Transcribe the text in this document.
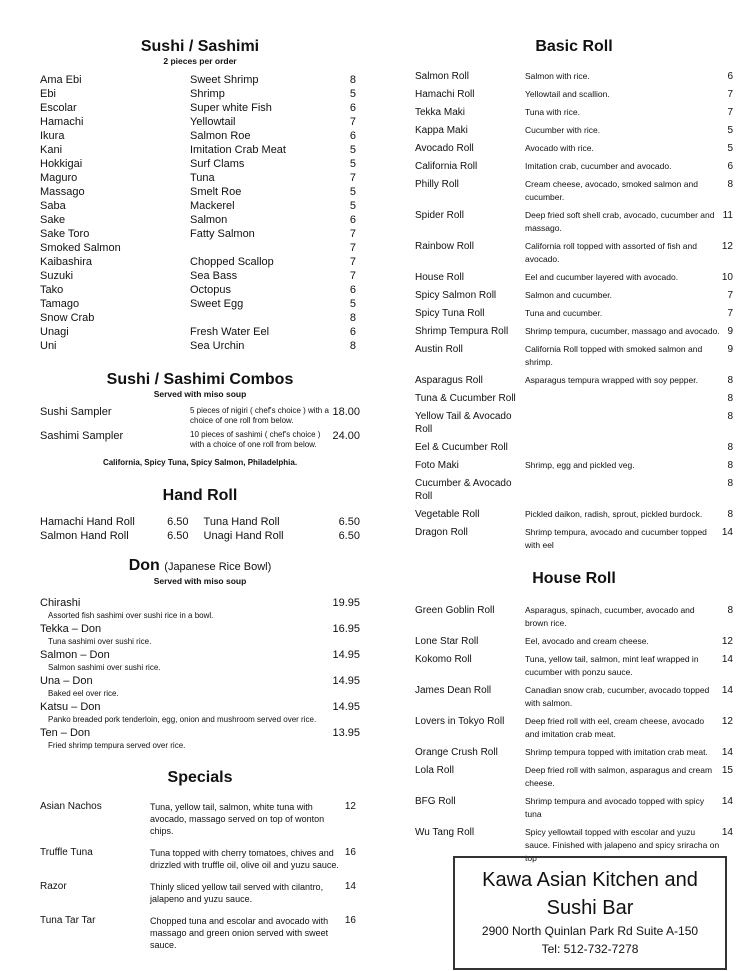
Sushi / Sashimi

2 pieces per order

Ama Ebi	Sweet Shrimp	8
Ebi	Shrimp	5
Escolar	Super white Fish	6
Hamachi	Yellowtail	7
Ikura	Salmon Roe	6
Kani	Imitation Crab Meat	5
Hokkigai	Surf Clams	5
Maguro	Tuna	7
Massago	Smelt Roe	5
Saba	Mackerel	5
Sake	Salmon	6
Sake Toro	Fatty Salmon	7
Smoked Salmon	7
Kaibashira	Chopped Scallop	7
Suzuki	Sea Bass	7
Tako	Octopus	6
Tamago	Sweet Egg	5
Snow Crab	8
Unagi	Fresh Water Eel	6
Uni	Sea Urchin	8

Sushi / Sashimi Combos

Served with miso soup

Sushi Sampler	5 pieces of nigiri ( chef's choice ) with a choice of one roll from below.
18.00
Sashimi Sampler	10 pieces of sashimi ( chef's choice ) with a choice of one roll from below.
24.00

California, Spicy Tuna, Spicy Salmon, Philadelphia.

Hand Roll

Hamachi Hand Roll	6.50	Tuna Hand Roll	6.50
Salmon Hand Roll	6.50	Unagi Hand Roll	6.50

Don (Japanese Rice Bowl)

Served with miso soup

Chirashi	19.95
Assorted fish sashimi over sushi rice in a bowl.
Tekka – Don	16.95
Tuna sashimi over sushi rice.
Salmon – Don	14.95
Salmon sashimi over sushi rice.
Una – Don	14.95
Baked eel over rice.
Katsu – Don	14.95
Panko breaded pork tenderloin, egg, onion and mushroom served over rice.
Ten – Don	13.95
Fried shrimp tempura served over rice.

Specials

Asian Nachos	Tuna, yellow tail, salmon, white tuna with avocado, massago served on top of wonton chips.
12
Truffle Tuna	Tuna topped with cherry tomatoes, chives and drizzled with truffle oil, olive oil and yuzu sauce.
16
Razor	Thinly sliced yellow tail served with cilantro, jalapeno and yuzu sauce.
14
Tuna Tar Tar	Chopped tuna and escolar and avocado with massago and green onion served with sweet sauce.
16

Basic Roll

Salmon Roll	Salmon with rice.	6
Hamachi Roll	Yellowtail and scallion.	7
Tekka Maki	Tuna with rice.	7
Kappa Maki	Cucumber with rice.	5
Avocado Roll	Avocado with rice.	5
California Roll	Imitation crab, cucumber and avocado.	6
Philly Roll	Cream cheese, avocado, smoked salmon and cucumber.
8
Spider Roll	Deep fried soft shell crab, avocado, cucumber and massago.
11
Rainbow Roll	California roll topped with assorted of fish and avocado.
12
House Roll	Eel and cucumber layered with avocado.	10
Spicy Salmon Roll	Salmon and cucumber.	7
Spicy Tuna Roll	Tuna and cucumber.	7
Shrimp Tempura Roll	Shrimp tempura, cucumber, massago and avocado. 9
Austin Roll	California Roll topped with smoked salmon and shrimp.
9
Asparagus Roll	Asparagus tempura wrapped with soy pepper.	8
Tuna & Cucumber Roll	8
Yellow Tail & Avocado Roll
8
Eel & Cucumber Roll	8
Foto Maki	Shrimp, egg and pickled veg.	8
Cucumber & Avocado Roll
8
Vegetable Roll	Pickled daikon, radish, sprout, pickled burdock.	8
Dragon Roll	Shrimp tempura, avocado and cucumber topped with eel
14

House Roll

Green Goblin Roll	Asparagus, spinach, cucumber, avocado and brown rice.
8
Lone Star Roll	Eel, avocado and cream cheese.	12
Kokomo Roll	Tuna, yellow tail, salmon, mint leaf wrapped in cucumber with ponzu sauce.
14
James Dean Roll	Canadian snow crab, cucumber, avocado topped with salmon.
14
Lovers in Tokyo Roll	Deep fried roll with eel, cream cheese, avocado and imitation crab meat.
12
Orange Crush Roll	Shrimp tempura topped with imitation crab meat.	14
Lola Roll	Deep fried roll with salmon, asparagus and cream cheese.
15
BFG Roll	Shrimp tempura and avocado topped with spicy tuna
14
Wu Tang Roll	Spicy yellowtail topped with escolar and yuzu sauce. Finished with jalapeno and spicy sriracha on top
14
Kawa Asian Kitchen and Sushi Bar
2900 North Quinlan Park Rd Suite A-150
Tel: 512-732-7278
